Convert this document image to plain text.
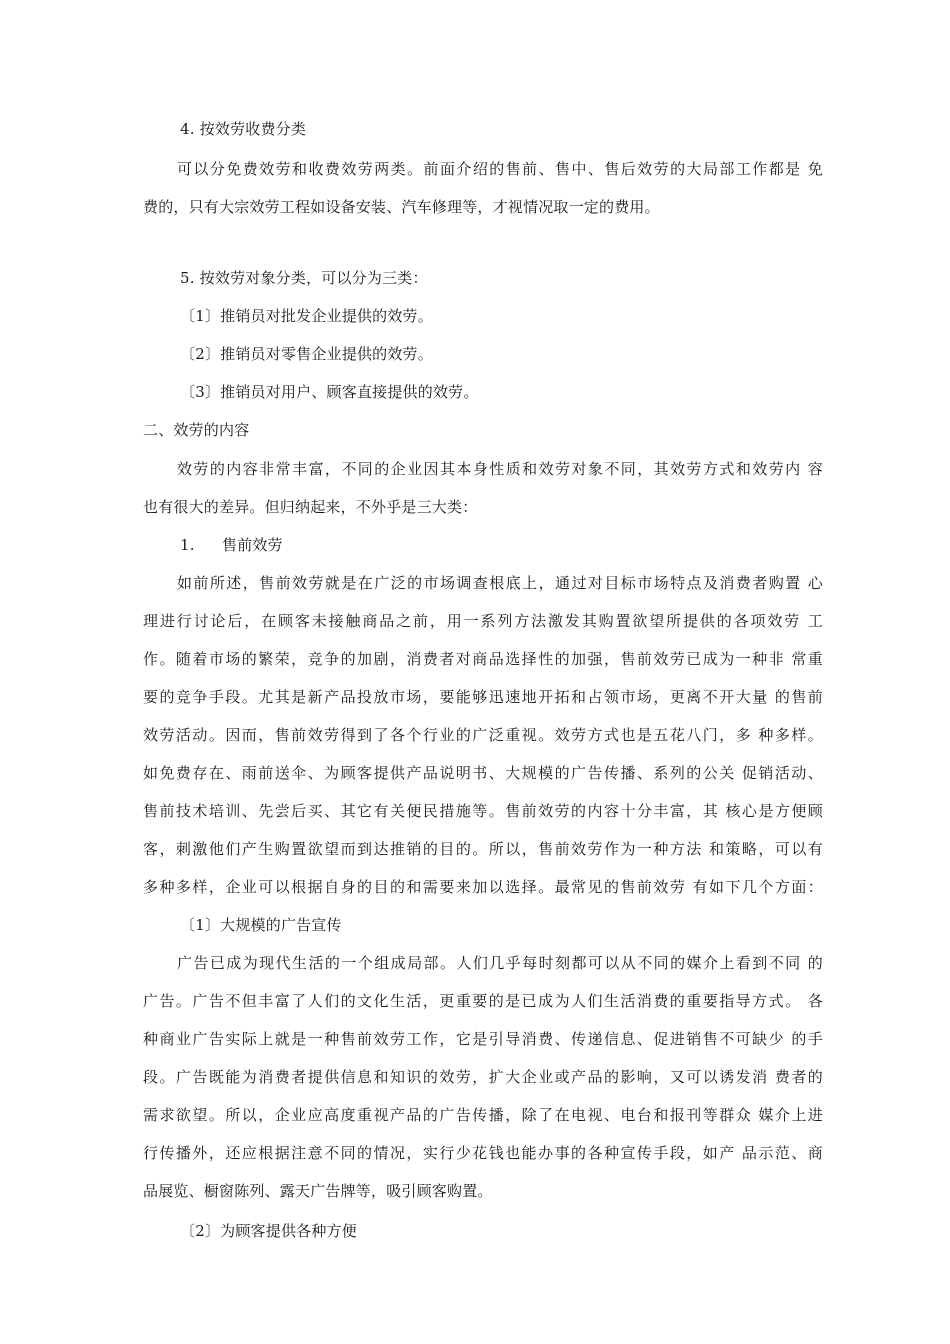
4. 按效劳收费分类
可以分免费效劳和收费效劳两类。前面介绍的售前、售中、售后效劳的大局部工作都是 免
费的，只有大宗效劳工程如设备安装、汽车修理等，才视情况取一定的费用。
5. 按效劳对象分类，可以分为三类：
〔1〕推销员对批发企业提供的效劳。
〔2〕推销员对零售企业提供的效劳。
〔3〕推销员对用户、顾客直接提供的效劳。
二、效劳的内容
效劳的内容非常丰富，不同的企业因其本身性质和效劳对象不同，其效劳方式和效劳内 容
也有很大的差异。但归纳起来，不外乎是三大类：
1. 售前效劳
如前所述，售前效劳就是在广泛的市场调查根底上，通过对目标市场特点及消费者购置 心
理进行讨论后，在顾客未接触商品之前，用一系列方法激发其购置欲望所提供的各项效劳 工
作。随着市场的繁荣，竞争的加剧，消费者对商品选择性的加强，售前效劳已成为一种非 常重
要的竞争手段。尤其是新产品投放市场，要能够迅速地开拓和占领市场，更离不开大量 的售前
效劳活动。因而，售前效劳得到了各个行业的广泛重视。效劳方式也是五花八门，多 种多样。
如免费存在、雨前送伞、为顾客提供产品说明书、大规模的广告传播、系列的公关 促销活动、
售前技术培训、先尝后买、其它有关便民措施等。售前效劳的内容十分丰富，其 核心是方便顾
客，刺激他们产生购置欲望而到达推销的目的。所以，售前效劳作为一种方法 和策略，可以有
多种多样，企业可以根据自身的目的和需要来加以选择。最常见的售前效劳 有如下几个方面：
〔1〕大规模的广告宣传
广告已成为现代生活的一个组成局部。人们几乎每时刻都可以从不同的媒介上看到不同 的
广告。广告不但丰富了人们的文化生活，更重要的是已成为人们生活消费的重要指导方式。 各
种商业广告实际上就是一种售前效劳工作，它是引导消费、传递信息、促进销售不可缺少 的手
段。广告既能为消费者提供信息和知识的效劳，扩大企业或产品的影响，又可以诱发消 费者的
需求欲望。所以，企业应高度重视产品的广告传播，除了在电视、电台和报刊等群众 媒介上进
行传播外，还应根据注意不同的情况，实行少花钱也能办事的各种宣传手段，如产 品示范、商
品展览、橱窗陈列、露天广告牌等，吸引顾客购置。
〔2〕为顾客提供各种方便
